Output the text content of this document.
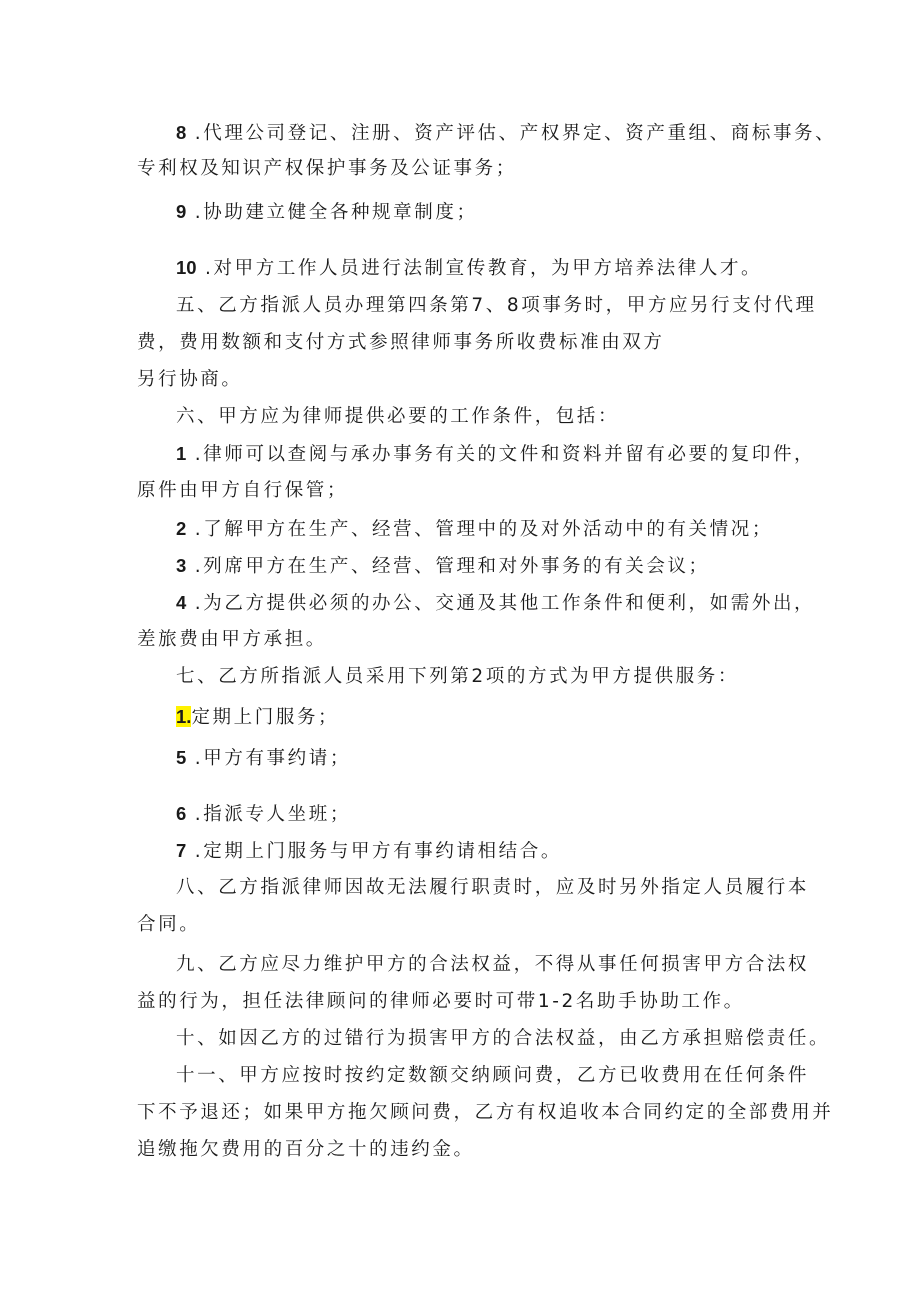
8 .代理公司登记、注册、资产评估、产权界定、资产重组、商标事务、

专利权及知识产权保护事务及公证事务；

9 .协助建立健全各种规章制度；

10 .对甲方工作人员进行法制宣传教育，为甲方培养法律人才。

五、乙方指派人员办理第四条第7、8项事务时，甲方应另行支付代理

费，费用数额和支付方式参照律师事务所收费标准由双方

另行协商。

六、甲方应为律师提供必要的工作条件，包括：

1 .律师可以查阅与承办事务有关的文件和资料并留有必要的复印件，

原件由甲方自行保管；

2 .了解甲方在生产、经营、管理中的及对外活动中的有关情况；

3 .列席甲方在生产、经营、管理和对外事务的有关会议；

4 .为乙方提供必须的办公、交通及其他工作条件和便利，如需外出，

差旅费由甲方承担。

七、乙方所指派人员采用下列第2项的方式为甲方提供服务：

1.定期上门服务；

5 .甲方有事约请；

6 .指派专人坐班；

7 .定期上门服务与甲方有事约请相结合。

八、乙方指派律师因故无法履行职责时，应及时另外指定人员履行本

合同。

九、乙方应尽力维护甲方的合法权益，不得从事任何损害甲方合法权

益的行为，担任法律顾问的律师必要时可带1-2名助手协助工作。

十、如因乙方的过错行为损害甲方的合法权益，由乙方承担赔偿责任。

十一、甲方应按时按约定数额交纳顾问费，乙方已收费用在任何条件

下不予退还；如果甲方拖欠顾问费，乙方有权追收本合同约定的全部费用并

追缴拖欠费用的百分之十的违约金。
